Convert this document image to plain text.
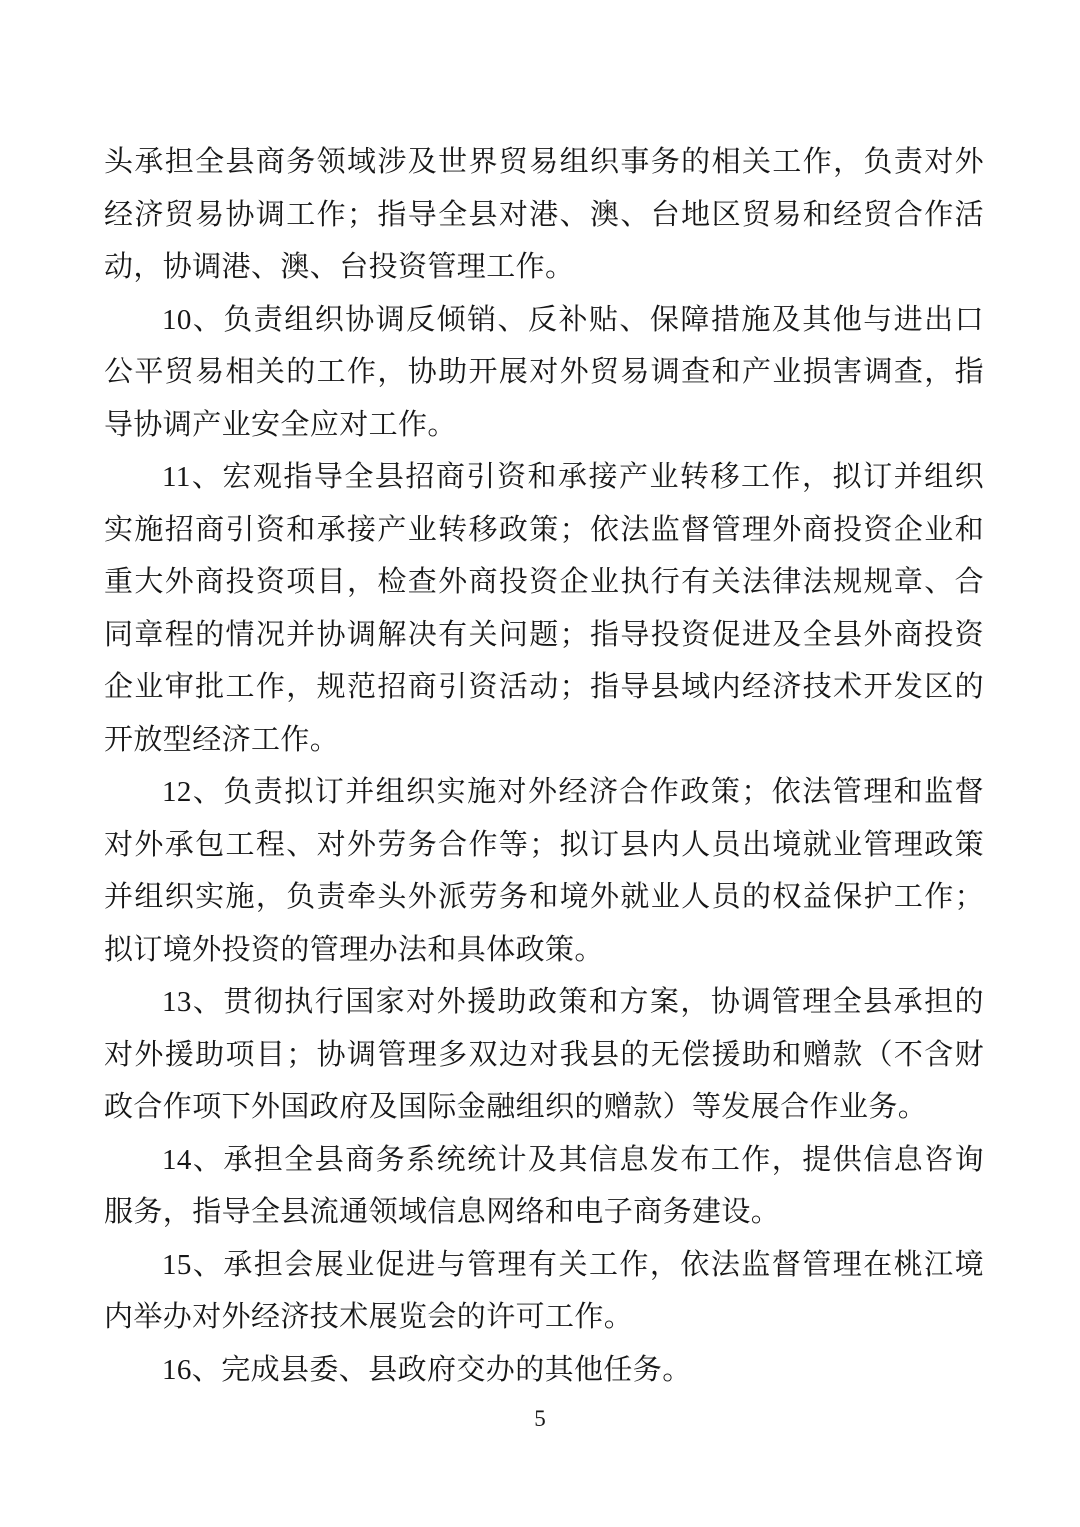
头承担全县商务领域涉及世界贸易组织事务的相关工作，负责对外经济贸易协调工作；指导全县对港、澳、台地区贸易和经贸合作活动，协调港、澳、台投资管理工作。

10、负责组织协调反倾销、反补贴、保障措施及其他与进出口公平贸易相关的工作，协助开展对外贸易调查和产业损害调查，指导协调产业安全应对工作。

11、宏观指导全县招商引资和承接产业转移工作，拟订并组织实施招商引资和承接产业转移政策；依法监督管理外商投资企业和重大外商投资项目，检查外商投资企业执行有关法律法规规章、合同章程的情况并协调解决有关问题；指导投资促进及全县外商投资企业审批工作，规范招商引资活动；指导县域内经济技术开发区的开放型经济工作。

12、负责拟订并组织实施对外经济合作政策；依法管理和监督对外承包工程、对外劳务合作等；拟订县内人员出境就业管理政策并组织实施，负责牵头外派劳务和境外就业人员的权益保护工作；拟订境外投资的管理办法和具体政策。

13、贯彻执行国家对外援助政策和方案，协调管理全县承担的对外援助项目；协调管理多双边对我县的无偿援助和赠款（不含财政合作项下外国政府及国际金融组织的赠款）等发展合作业务。

14、承担全县商务系统统计及其信息发布工作，提供信息咨询服务，指导全县流通领域信息网络和电子商务建设。

15、承担会展业促进与管理有关工作，依法监督管理在桃江境内举办对外经济技术展览会的许可工作。

16、完成县委、县政府交办的其他任务。

5
